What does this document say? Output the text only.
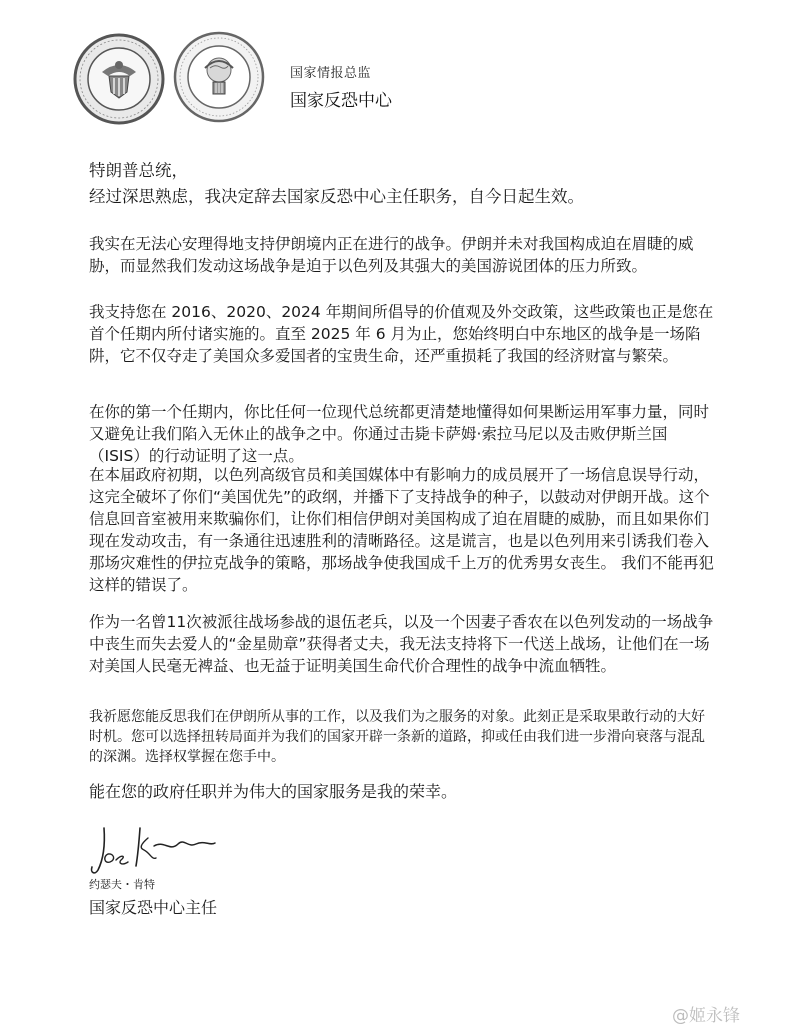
国家情报总监
国家反恐中心
特朗普总统，
经过深思熟虑，我决定辞去国家反恐中心主任职务，自今日起生效。
我实在无法心安理得地支持伊朗境内正在进行的战争。伊朗并未对我国构成迫在眉睫的威胁，而显然我们发动这场战争是迫于以色列及其强大的美国游说团体的压力所致。
我支持您在 2016、2020、2024 年期间所倡导的价值观及外交政策，这些政策也正是您在首个任期内所付诸实施的。直至 2025 年 6 月为止，您始终明白中东地区的战争是一场陷阱，它不仅夺走了美国众多爱国者的宝贵生命，还严重损耗了我国的经济财富与繁荣。
在你的第一个任期内，你比任何一位现代总统都更清楚地懂得如何果断运用军事力量，同时又避免让我们陷入无休止的战争之中。你通过击毙卡萨姆·索拉马尼以及击败伊斯兰国（ISIS）的行动证明了这一点。
在本届政府初期，以色列高级官员和美国媒体中有影响力的成员展开了一场信息误导行动，这完全破坏了你们“美国优先”的政纲，并播下了支持战争的种子，以鼓动对伊朗开战。这个信息回音室被用来欺骗你们，让你们相信伊朗对美国构成了迫在眉睫的威胁，而且如果你们现在发动攻击，有一条通往迅速胜利的清晰路径。这是谎言，也是以色列用来引诱我们卷入那场灾难性的伊拉克战争的策略，那场战争使我国成千上万的优秀男女丧生。 我们不能再犯这样的错误了。
作为一名曾11次被派往战场参战的退伍老兵，以及一个因妻子香农在以色列发动的一场战争中丧生而失去爱人的“金星勋章”获得者丈夫，我无法支持将下一代送上战场，让他们在一场对美国人民毫无裨益、也无益于证明美国生命代价合理性的战争中流血牺牲。
我祈愿您能反思我们在伊朗所从事的工作，以及我们为之服务的对象。此刻正是采取果敢行动的大好时机。您可以选择扭转局面并为我们的国家开辟一条新的道路，抑或任由我们进一步滑向衰落与混乱的深渊。选择权掌握在您手中。
能在您的政府任职并为伟大的国家服务是我的荣幸。
约瑟夫・肯特
国家反恐中心主任
@姬永锋
